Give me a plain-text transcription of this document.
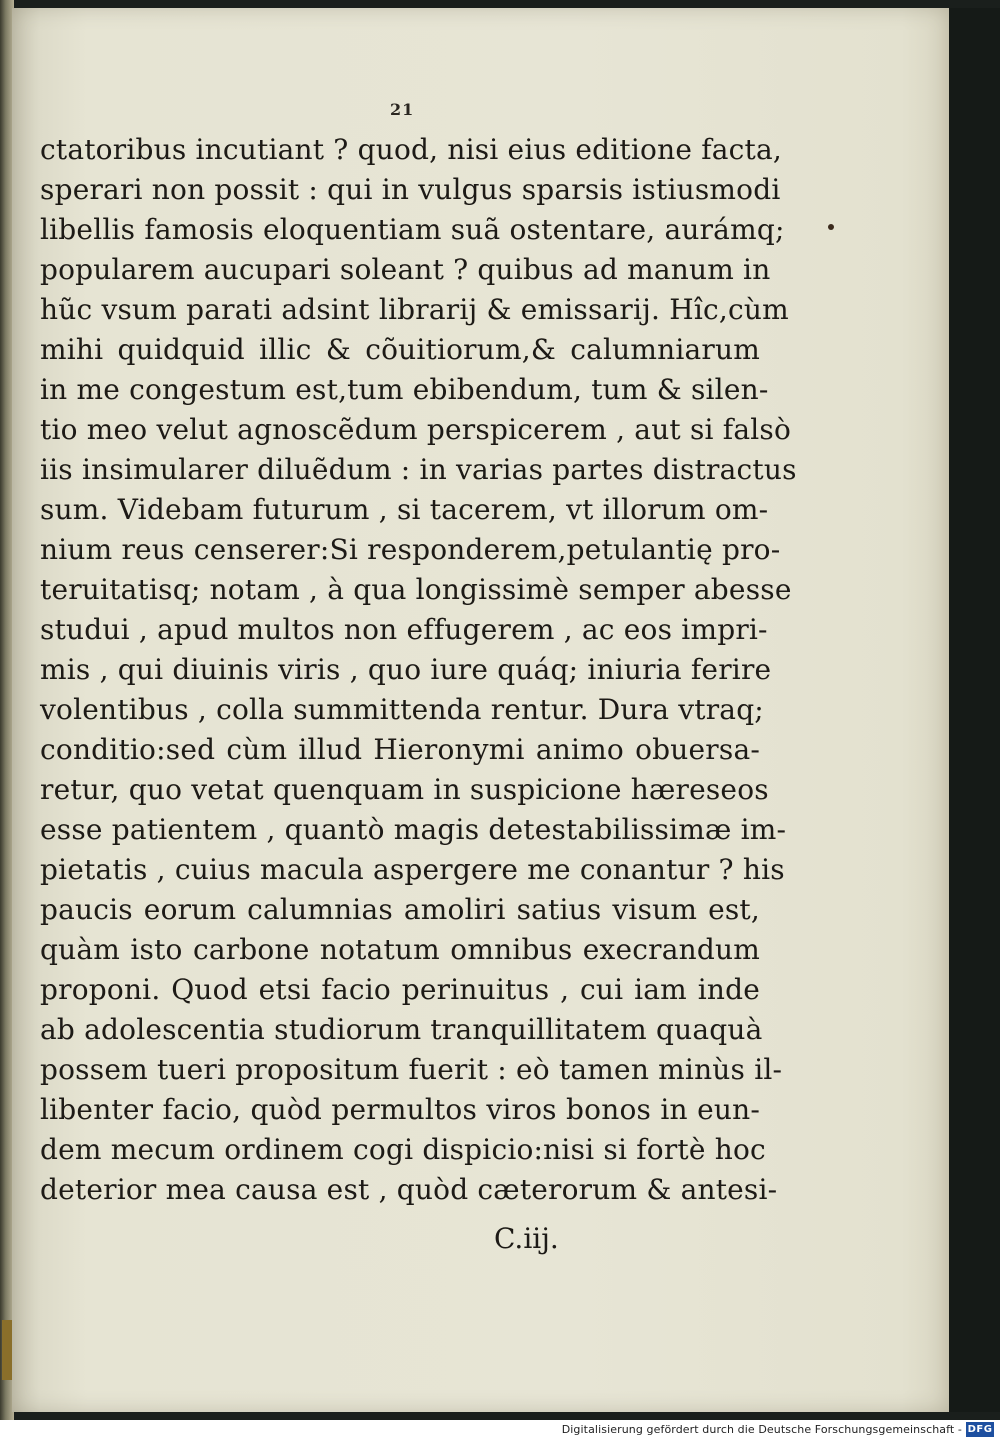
21
ctatoribus incutiant ? quod, nisi eius editione facta,
sperari non possit : qui in vulgus sparsis istiusmodi
libellis famosis eloquentiam suã ostentare, aurámq;
popularem aucupari soleant ? quibus ad manum in
hũc vsum parati adsint librarij & emissarij. Hîc,cùm
mihi quidquid illic & cõuitiorum,& calumniarum
in me congestum est,tum ebibendum, tum & silen-
tio meo velut agnoscẽdum perspicerem , aut si falsò
iis insimularer diluẽdum : in varias partes distractus
sum. Videbam futurum , si tacerem, vt illorum om-
nium reus censerer:Si responderem,petulantię pro-
teruitatisq; notam , à qua longissimè semper abesse
studui , apud multos non effugerem , ac eos impri-
mis , qui diuinis viris , quo iure quáq; iniuria ferire
volentibus , colla summittenda rentur. Dura vtraq;
conditio:sed cùm illud Hieronymi animo obuersa-
retur, quo vetat quenquam in suspicione hæreseos
esse patientem , quantò magis detestabilissimæ im-
pietatis , cuius macula aspergere me conantur ? his
paucis eorum calumnias amoliri satius visum est,
quàm isto carbone notatum omnibus execrandum
proponi. Quod etsi facio perinuitus , cui iam inde
ab adolescentia studiorum tranquillitatem quaquà
possem tueri propositum fuerit : eò tamen minùs il-
libenter facio, quòd permultos viros bonos in eun-
dem mecum ordinem cogi dispicio:nisi si fortè hoc
deterior mea causa est , quòd cæterorum & antesi-
C.iij.
Digitalisierung gefördert durch die Deutsche Forschungsgemeinschaft - DFG
